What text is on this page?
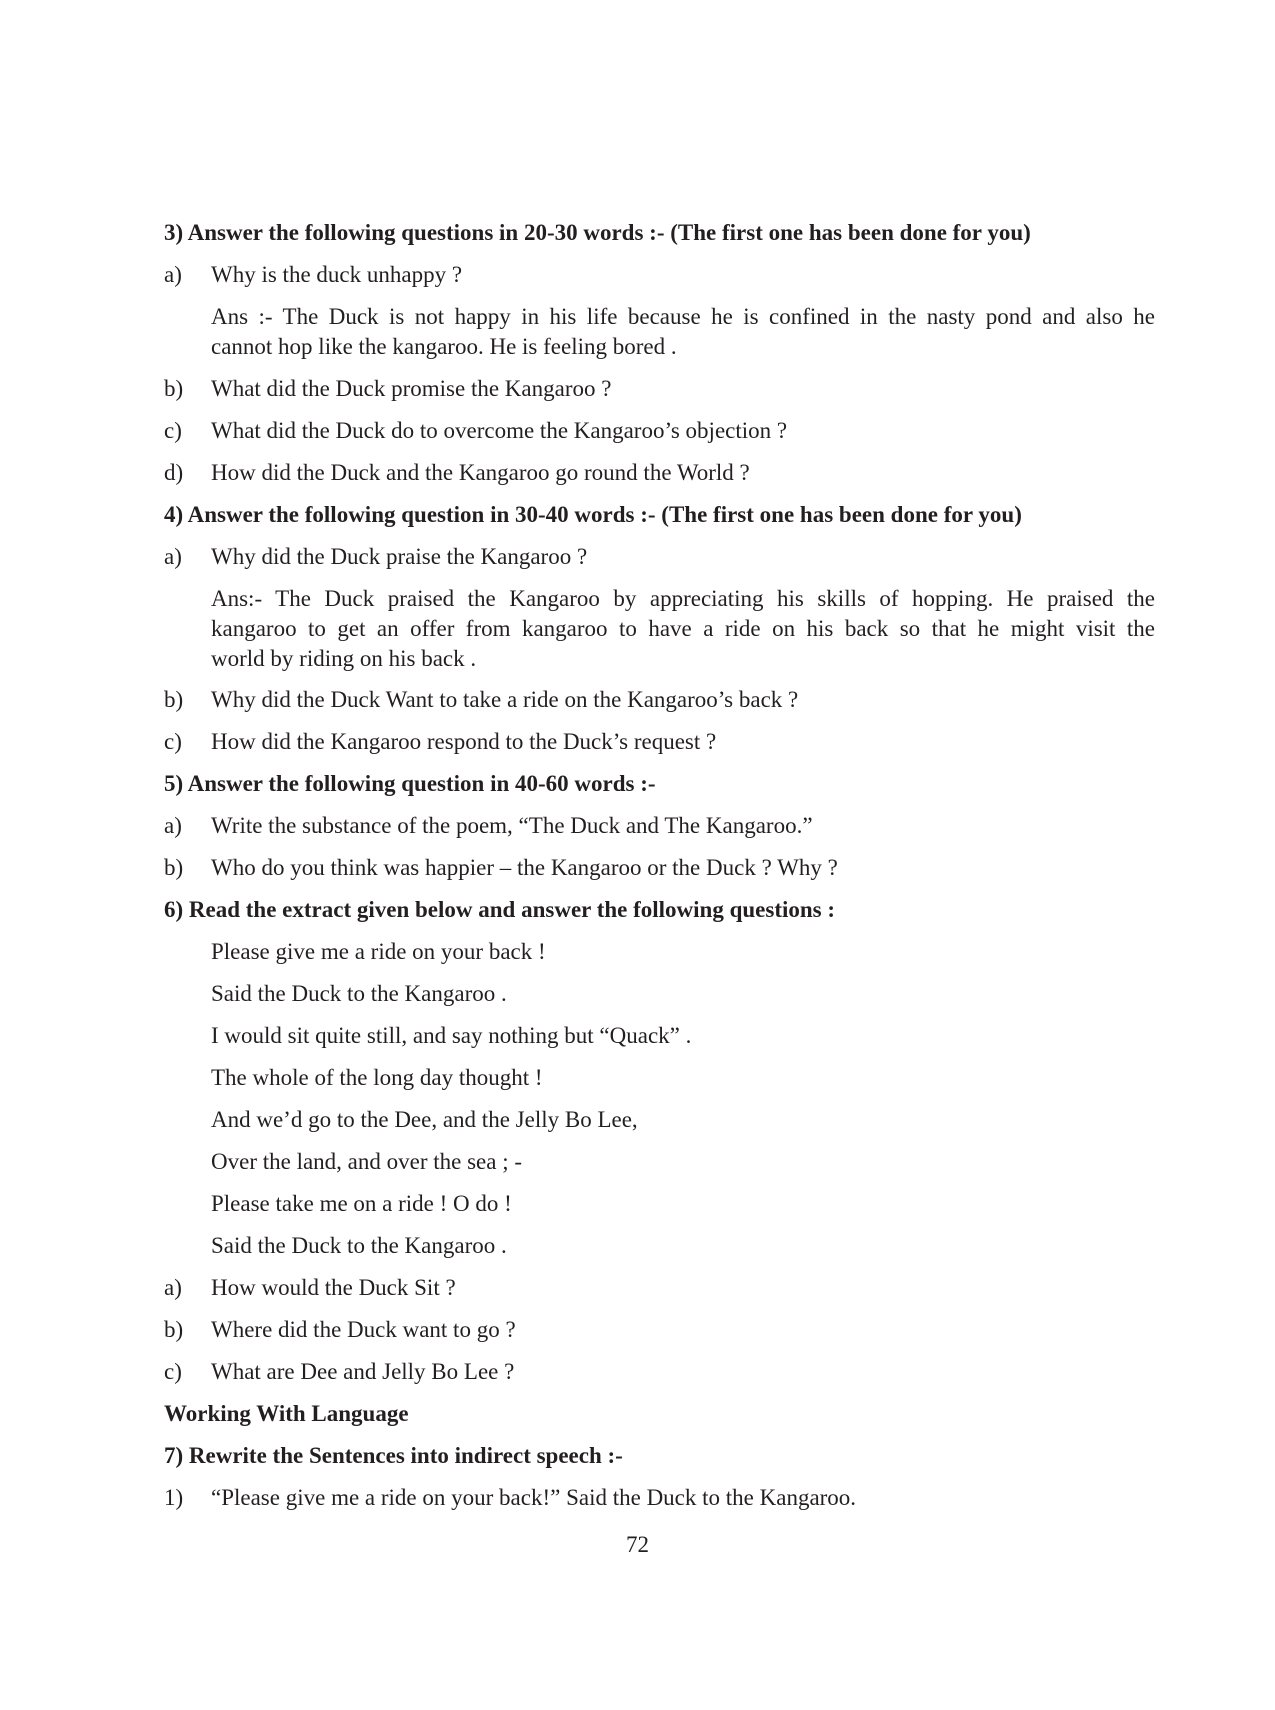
3) Answer the following questions in 20-30 words :- (The first one has been done for you)
a)	Why is the duck unhappy ?
Ans :- The Duck is not happy in his life because he is confined in the nasty pond and also he
cannot hop like the kangaroo. He is feeling bored .
b)	What did the Duck promise the Kangaroo ?
c)	What did the Duck do to overcome the Kangaroo’s objection ?
d)	How did the Duck and the Kangaroo go round the World ?
4) Answer the following question in 30-40 words :- (The first one has been done for you)
a)	Why did the Duck praise the Kangaroo ?
Ans:- The Duck praised the Kangaroo by appreciating his skills of hopping. He praised the
kangaroo to get an offer from kangaroo to have a ride on his back so that he might visit the
world by riding on his back .
b)	Why did the Duck Want to take a ride on the Kangaroo’s back ?
c)	How did the Kangaroo respond to the Duck’s request ?
5) Answer the following question in 40-60 words :-
a)	Write the substance of the poem, “The Duck and The Kangaroo.”
b)	Who do you think was happier – the Kangaroo or the Duck ? Why ?
6) Read the extract given below and answer the following questions :
Please give me a ride on your back !
Said the Duck to the Kangaroo .
I would sit quite still, and say nothing but “Quack” .
The whole of the long day thought !
And we’d go to the Dee, and the Jelly Bo Lee,
Over the land, and over the sea ; -
Please take me on a ride ! O do !
Said the Duck to the Kangaroo .
a)	How would the Duck Sit ?
b)	Where did the Duck want to go ?
c)	What are Dee and Jelly Bo Lee ?
Working With Language
7) Rewrite the Sentences into indirect speech :-
1)	“Please give me a ride on your back!” Said the Duck to the Kangaroo.
72
